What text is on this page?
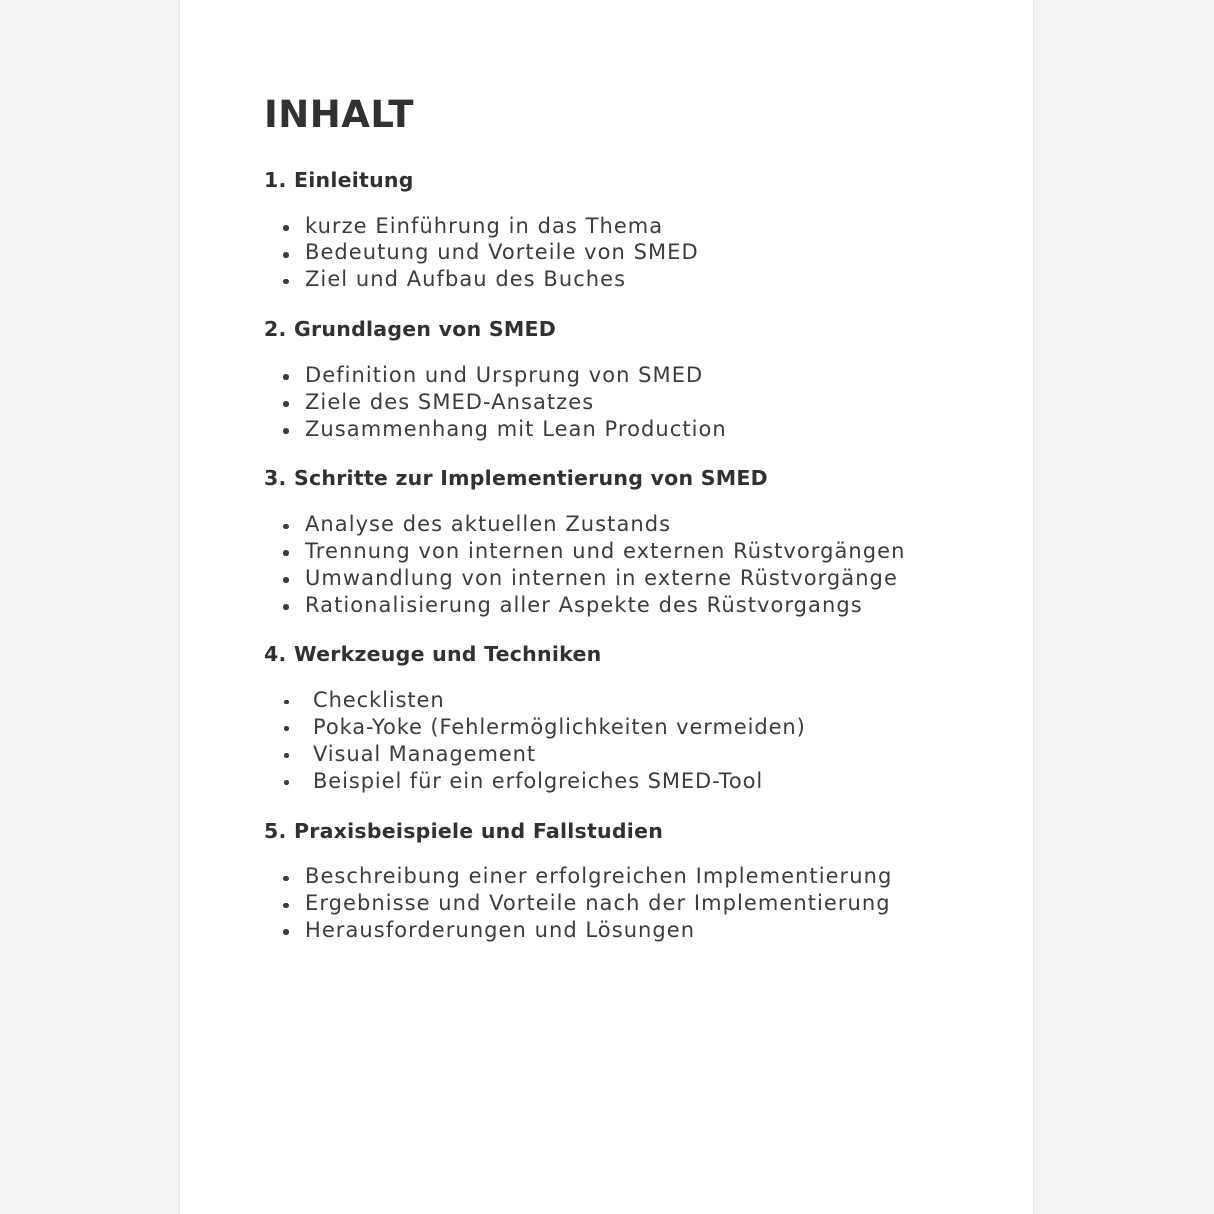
INHALT
1. Einleitung
kurze Einführung in das Thema
Bedeutung und Vorteile von SMED
Ziel und Aufbau des Buches
2. Grundlagen von SMED
Definition und Ursprung von SMED
Ziele des SMED-Ansatzes
Zusammenhang mit Lean Production
3. Schritte zur Implementierung von SMED
Analyse des aktuellen Zustands
Trennung von internen und externen Rüstvorgängen
Umwandlung von internen in externe Rüstvorgänge
Rationalisierung aller Aspekte des Rüstvorgangs
4. Werkzeuge und Techniken
Checklisten
Poka-Yoke (Fehlermöglichkeiten vermeiden)
Visual Management
Beispiel für ein erfolgreiches SMED-Tool
5. Praxisbeispiele und Fallstudien
Beschreibung einer erfolgreichen Implementierung
Ergebnisse und Vorteile nach der Implementierung
Herausforderungen und Lösungen
